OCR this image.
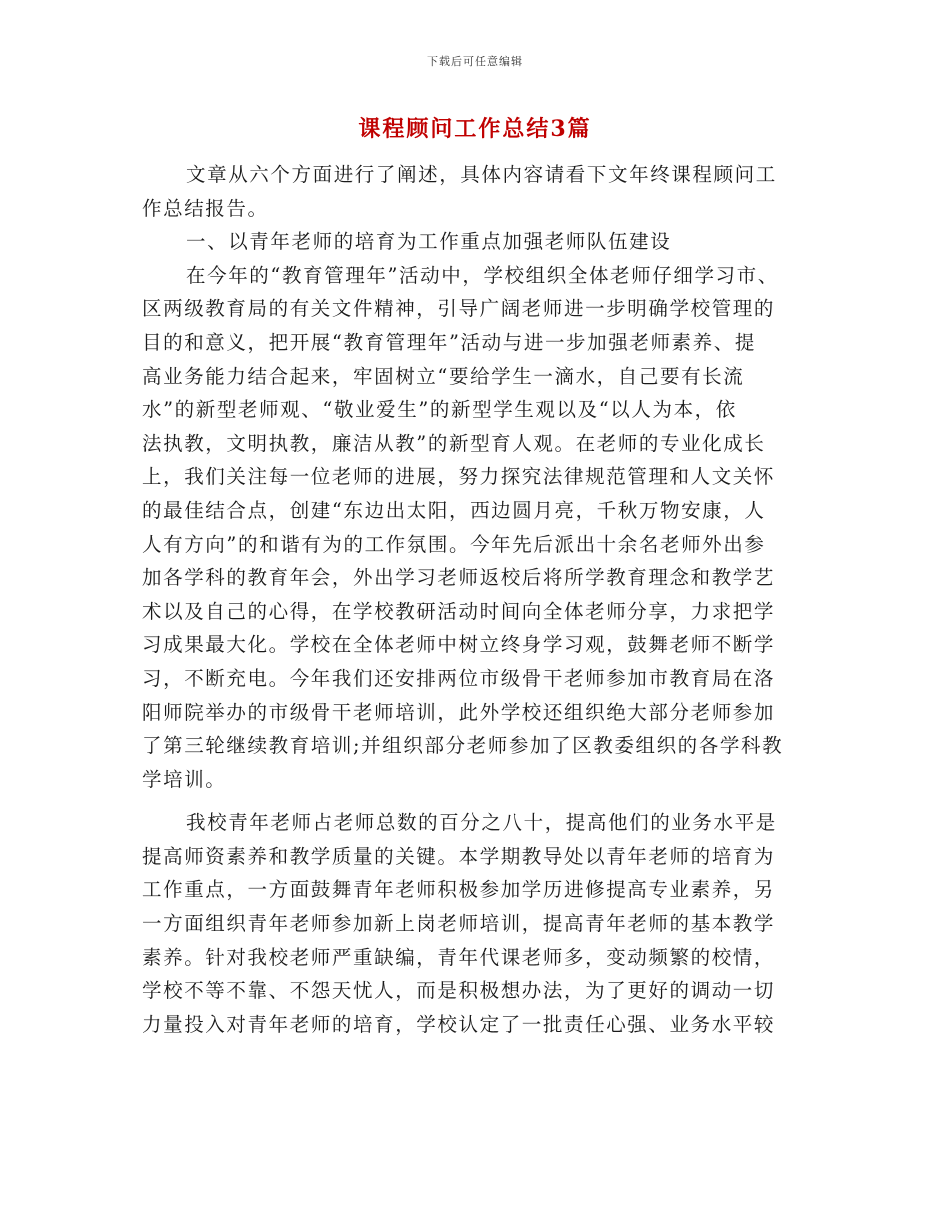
下载后可任意编辑
课程顾问工作总结3篇
文章从六个方面进行了阐述，具体内容请看下文年终课程顾问工
作总结报告。
一、以青年老师的培育为工作重点加强老师队伍建设
在今年的“教育管理年”活动中，学校组织全体老师仔细学习市、
区两级教育局的有关文件精神，引导广阔老师进一步明确学校管理的
目的和意义，把开展“教育管理年”活动与进一步加强老师素养、提
高业务能力结合起来，牢固树立“要给学生一滴水，自己要有长流
水”的新型老师观、“敬业爱生”的新型学生观以及“以人为本，依
法执教，文明执教，廉洁从教”的新型育人观。在老师的专业化成长
上，我们关注每一位老师的进展，努力探究法律规范管理和人文关怀
的最佳结合点，创建“东边出太阳，西边圆月亮，千秋万物安康，人
人有方向”的和谐有为的工作氛围。今年先后派出十余名老师外出参
加各学科的教育年会，外出学习老师返校后将所学教育理念和教学艺
术以及自己的心得，在学校教研活动时间向全体老师分享，力求把学
习成果最大化。学校在全体老师中树立终身学习观，鼓舞老师不断学
习，不断充电。今年我们还安排两位市级骨干老师参加市教育局在洛
阳师院举办的市级骨干老师培训，此外学校还组织绝大部分老师参加
了第三轮继续教育培训;并组织部分老师参加了区教委组织的各学科教
学培训。
我校青年老师占老师总数的百分之八十，提高他们的业务水平是
提高师资素养和教学质量的关键。本学期教导处以青年老师的培育为
工作重点，一方面鼓舞青年老师积极参加学历进修提高专业素养，另
一方面组织青年老师参加新上岗老师培训，提高青年老师的基本教学
素养。针对我校老师严重缺编，青年代课老师多，变动频繁的校情，
学校不等不靠、不怨天忧人，而是积极想办法，为了更好的调动一切
力量投入对青年老师的培育，学校认定了一批责任心强、业务水平较
